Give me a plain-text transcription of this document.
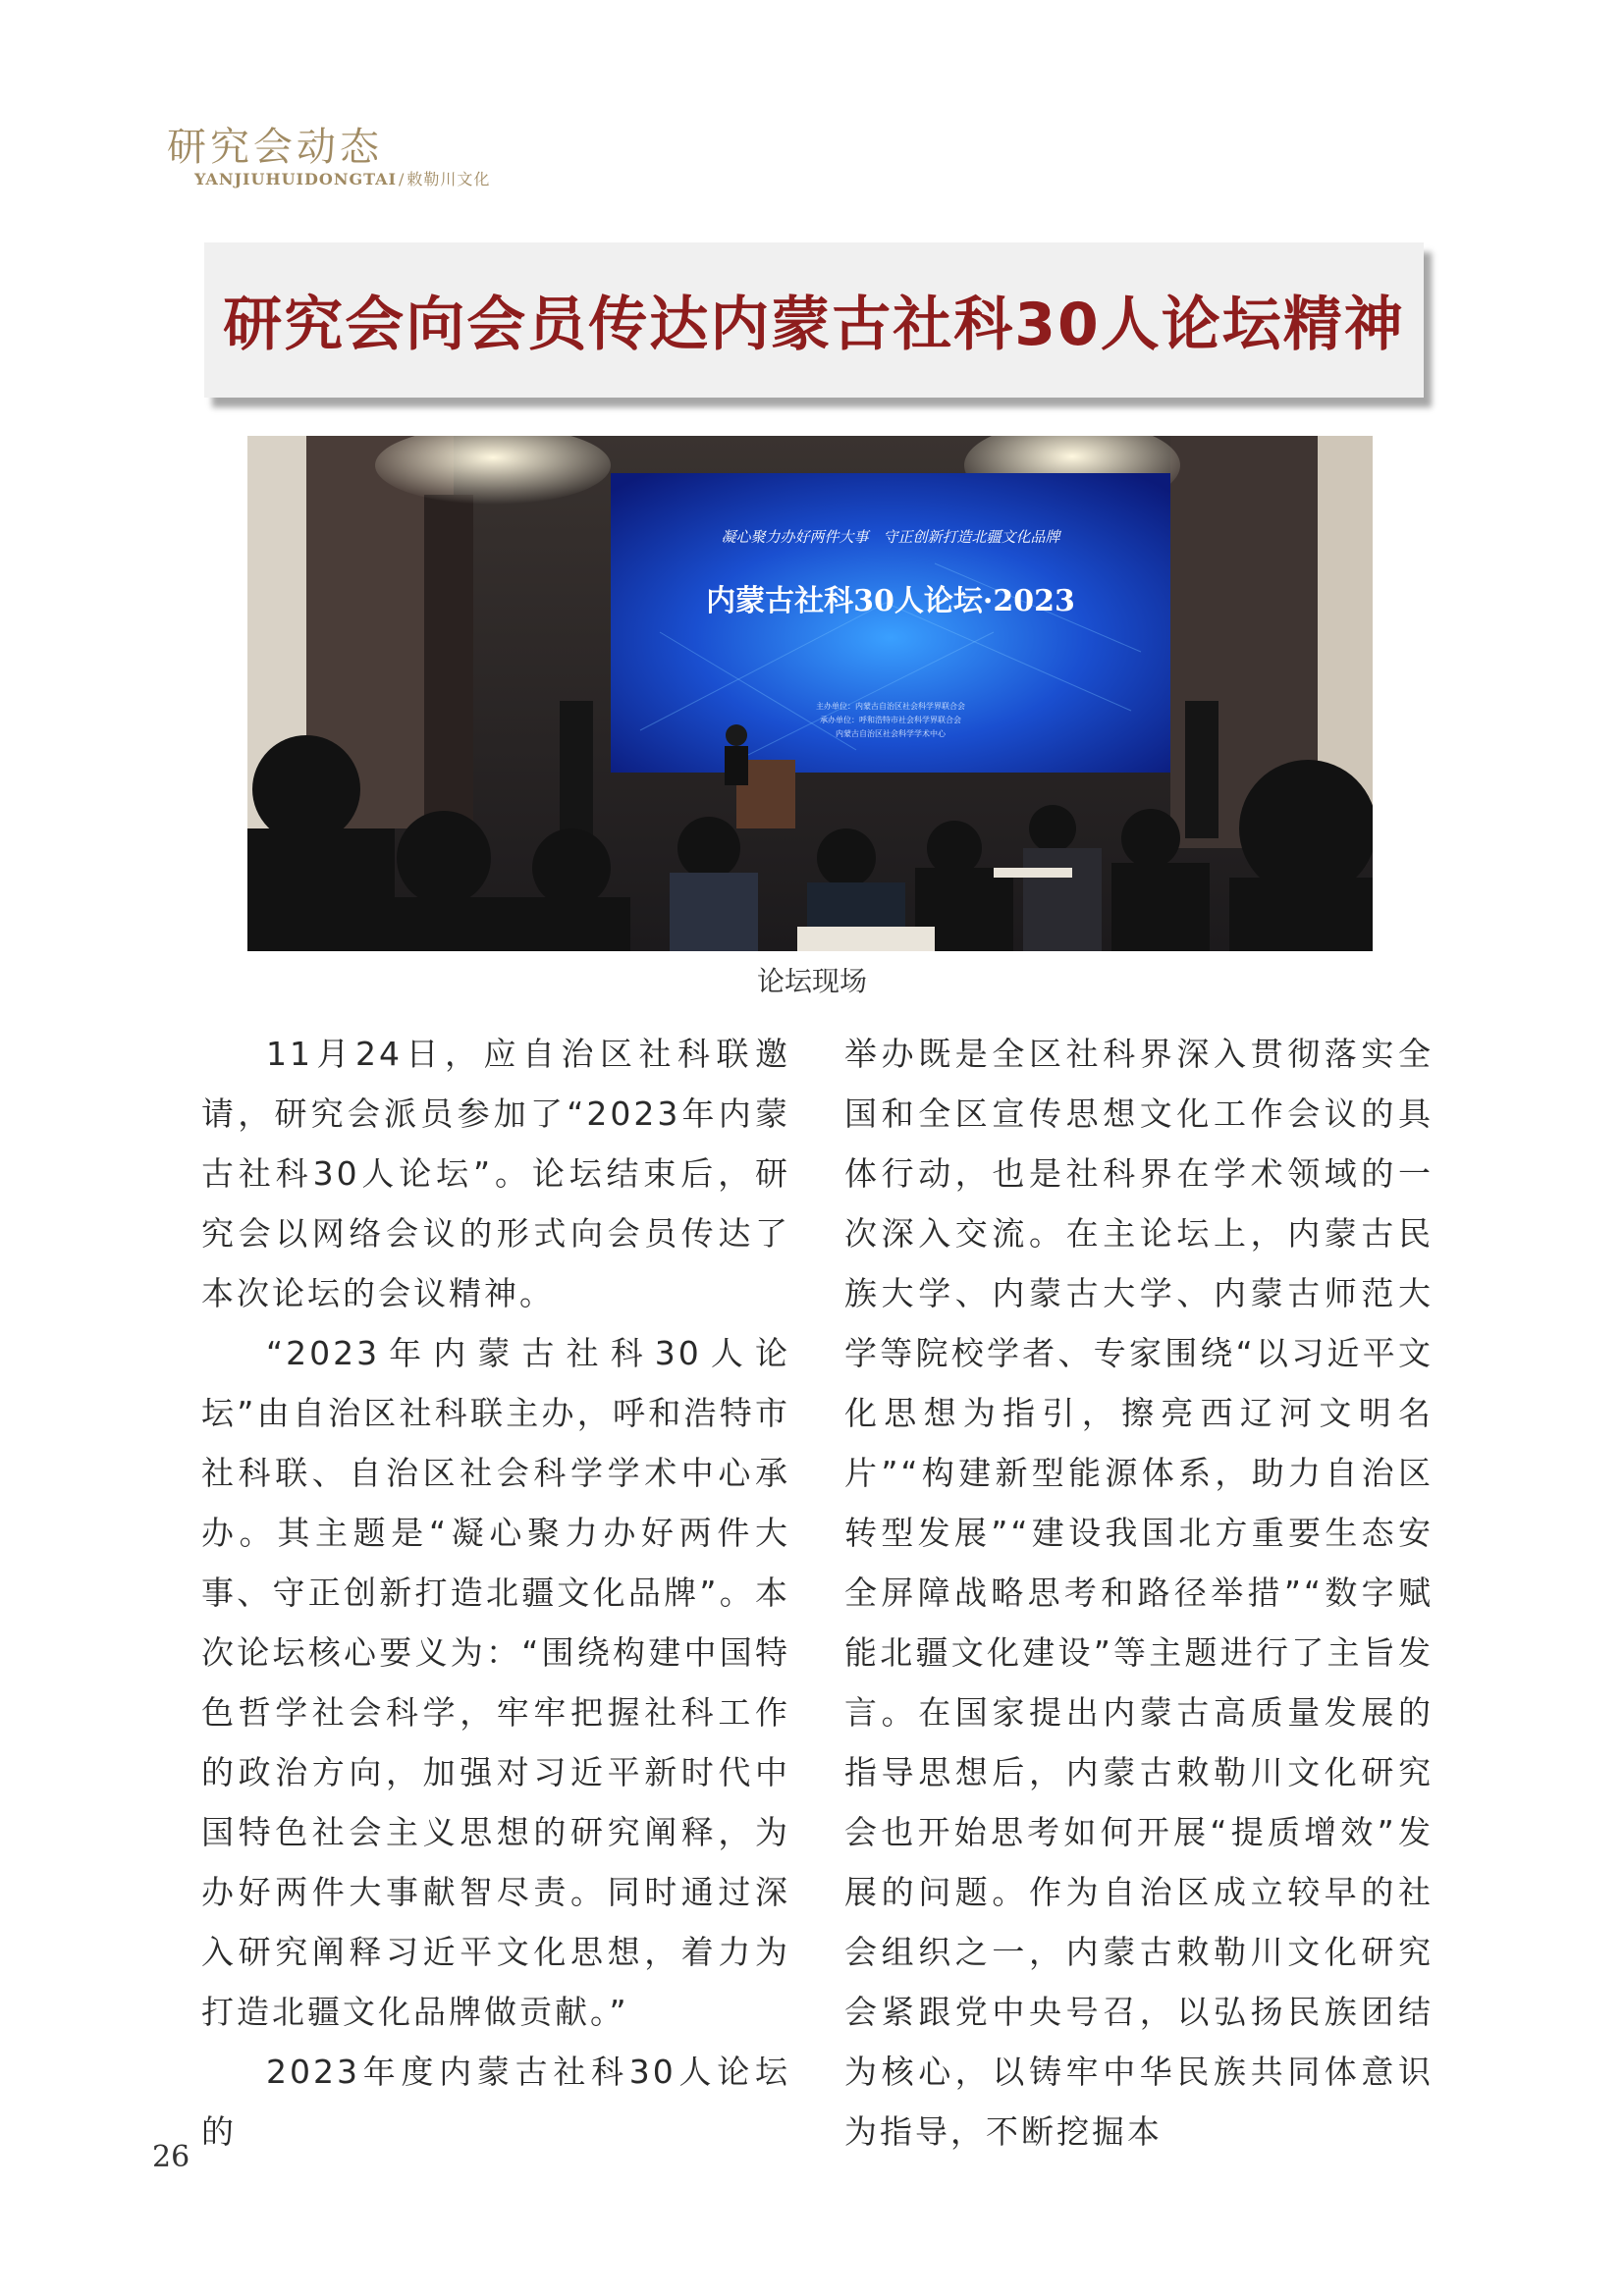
研究会动态
YANJIUHUIDONGTAI / 敕勒川文化
研究会向会员传达内蒙古社科30人论坛精神
凝心聚力办好两件大事　守正创新打造北疆文化品牌
内蒙古社科30人论坛·2023
主办单位：内蒙古自治区社会科学界联合会
承办单位：呼和浩特市社会科学界联合会
内蒙古自治区社会科学学术中心
论坛现场

11月24日，应自治区社科联邀请，研究会派员参加了“2023年内蒙古社科30人论坛”。论坛结束后，研究会以网络会议的形式向会员传达了本次论坛的会议精神。

“2023年内蒙古社科30人论坛”由自治区社科联主办，呼和浩特市社科联、自治区社会科学学术中心承办。其主题是“凝心聚力办好两件大事、守正创新打造北疆文化品牌”。本次论坛核心要义为：“围绕构建中国特色哲学社会科学，牢牢把握社科工作的政治方向，加强对习近平新时代中国特色社会主义思想的研究阐释，为办好两件大事献智尽责。同时通过深入研究阐释习近平文化思想，着力为打造北疆文化品牌做贡献。”

2023年度内蒙古社科30人论坛的

举办既是全区社科界深入贯彻落实全国和全区宣传思想文化工作会议的具体行动，也是社科界在学术领域的一次深入交流。在主论坛上，内蒙古民族大学、内蒙古大学、内蒙古师范大学等院校学者、专家围绕“以习近平文化思想为指引，擦亮西辽河文明名片”“构建新型能源体系，助力自治区转型发展”“建设我国北方重要生态安全屏障战略思考和路径举措”“数字赋能北疆文化建设”等主题进行了主旨发言。在国家提出内蒙古高质量发展的指导思想后，内蒙古敕勒川文化研究会也开始思考如何开展“提质增效”发展的问题。作为自治区成立较早的社会组织之一，内蒙古敕勒川文化研究会紧跟党中央号召，以弘扬民族团结为核心，以铸牢中华民族共同体意识为指导，不断挖掘本

26
